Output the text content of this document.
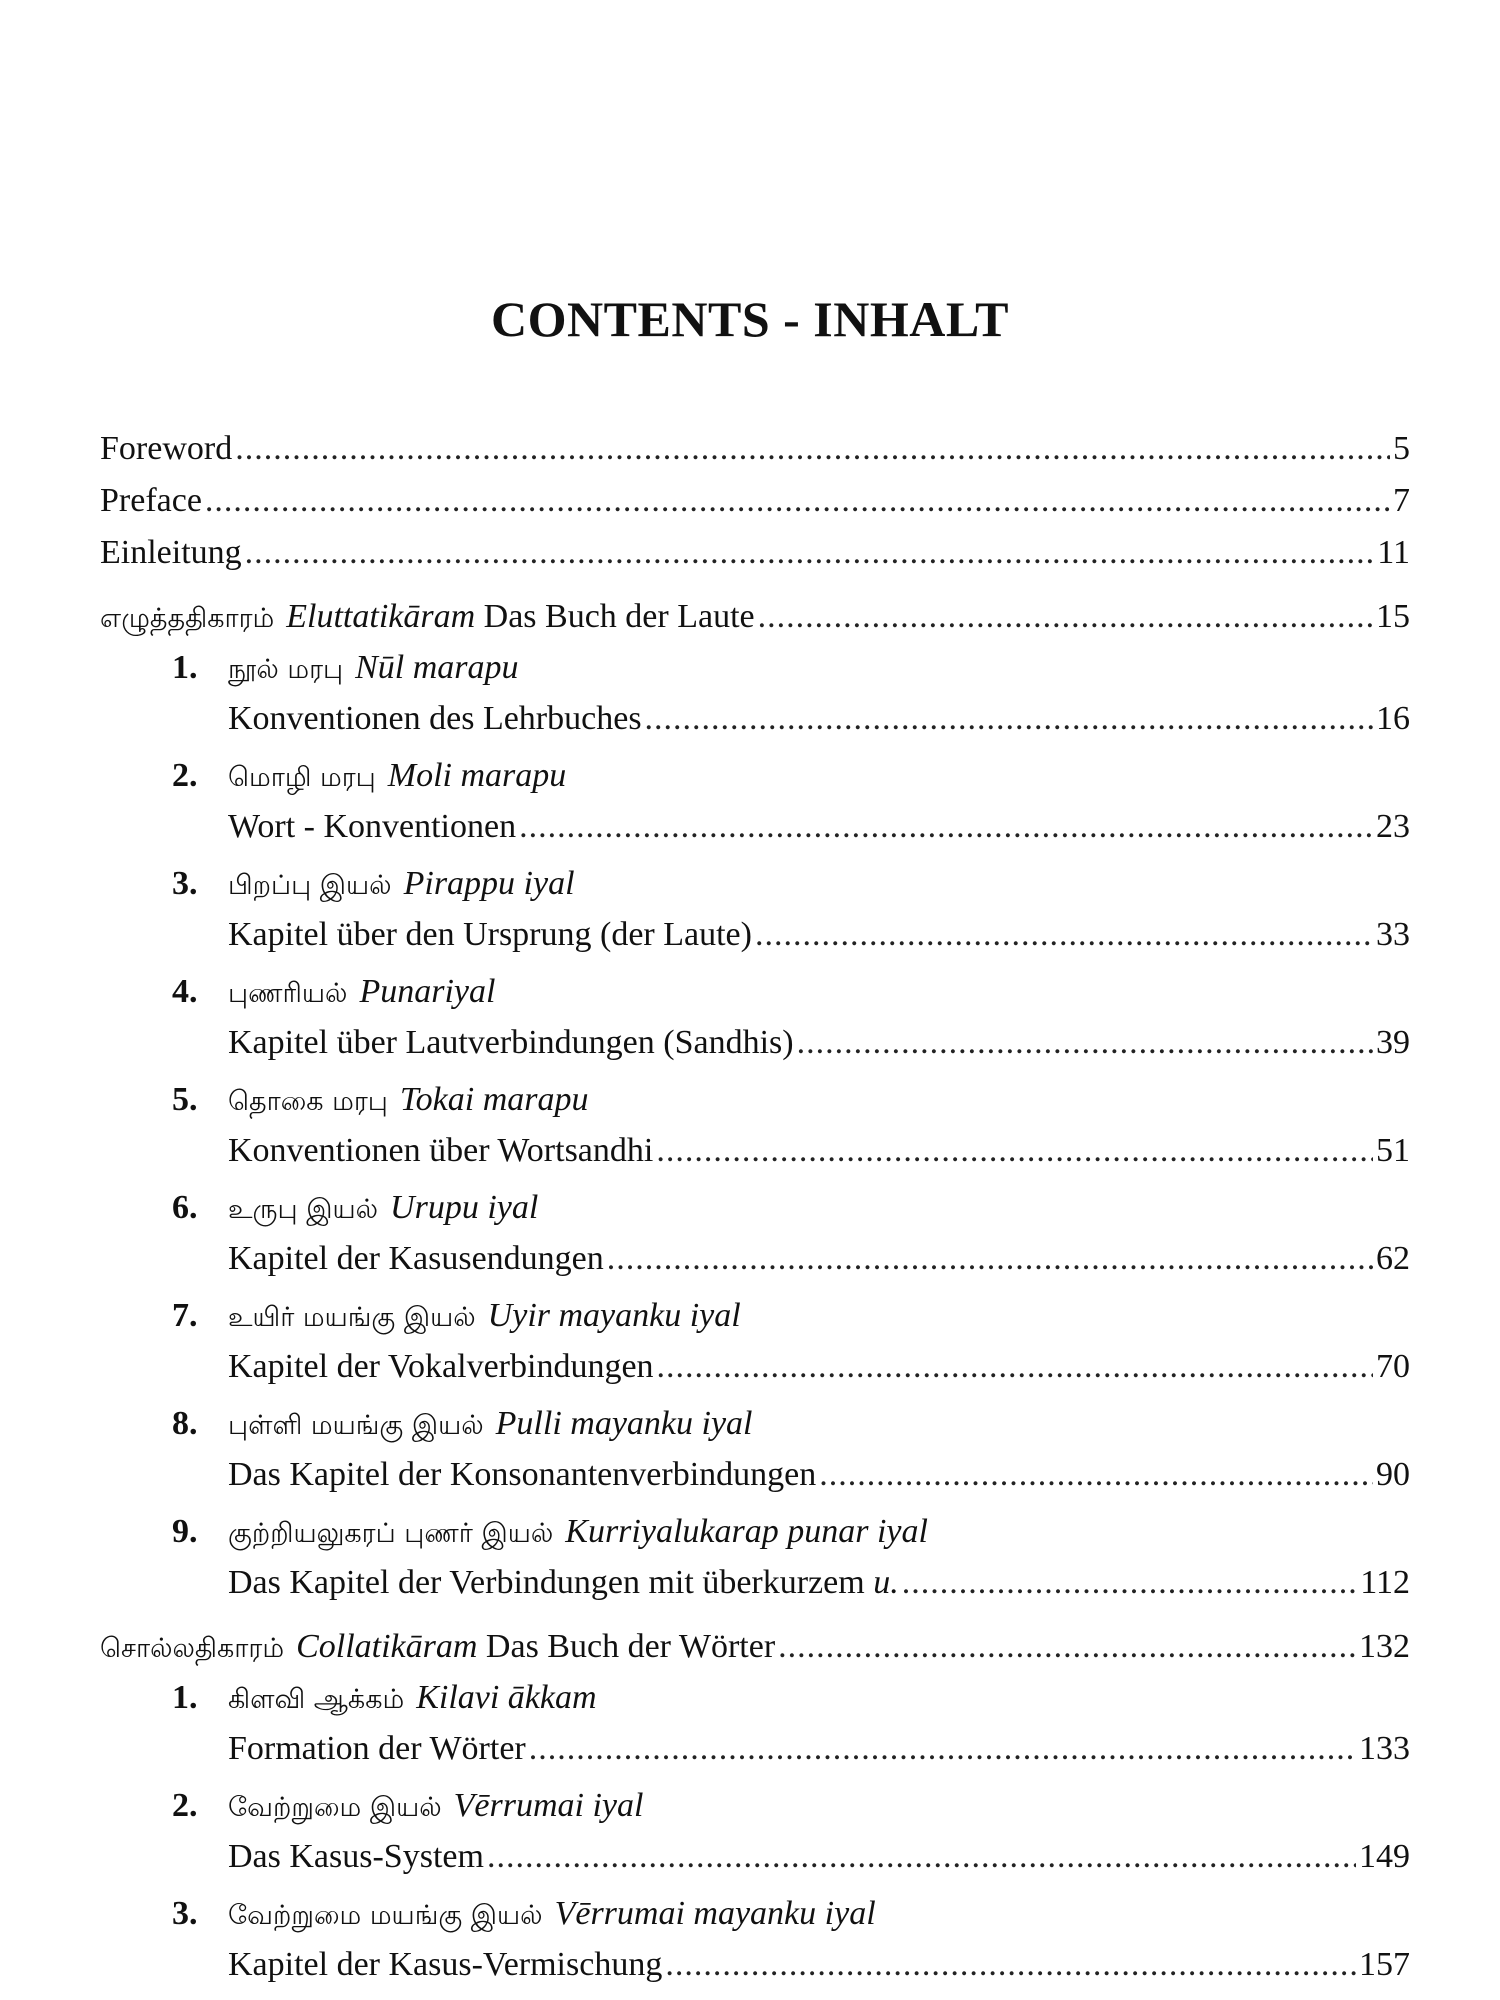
CONTENTS - INHALT
Foreword .....	5
Preface .....	7
Einleitung .....	11
எழுத்ததிகாரம் Eluttatikāram Das Buch der Laute .....	15
1.	நூல் மரபு Nūl marapu
Konventionen des Lehrbuches .....	16
2.	மொழி மரபு Moli marapu
Wort - Konventionen .....	23
3.	பிறப்பு இயல் Pirappu iyal
Kapitel über den Ursprung (der Laute) .....	33
4.	புணரியல் Punariyal
Kapitel über Lautverbindungen (Sandhis) .....	39
5.	தொகை மரபு Tokai marapu
Konventionen über Wortsandhi .....	51
6.	உருபு இயல் Urupu iyal
Kapitel der Kasusendungen .....	62
7.	உயிர் மயங்கு இயல் Uyir mayanku iyal
Kapitel der Vokalverbindungen .....	70
8.	புள்ளி மயங்கு இயல் Pulli mayanku iyal
Das Kapitel der Konsonantenverbindungen .....	90
9.	குற்றியலுகரப் புணர் இயல் Kurriyalukarap punar iyal
Das Kapitel der Verbindungen mit überkurzem u. .....	112
சொல்லதிகாரம் Collatikāram Das Buch der Wörter .....	132
1.	கிளவி ஆக்கம் Kilavi ākkam
Formation der Wörter .....	133
2.	வேற்றுமை இயல் Vērrumai iyal
Das Kasus-System .....	149
3.	வேற்றுமை மயங்கு இயல் Vērrumai mayanku iyal
Kapitel der Kasus-Vermischung .....	157
